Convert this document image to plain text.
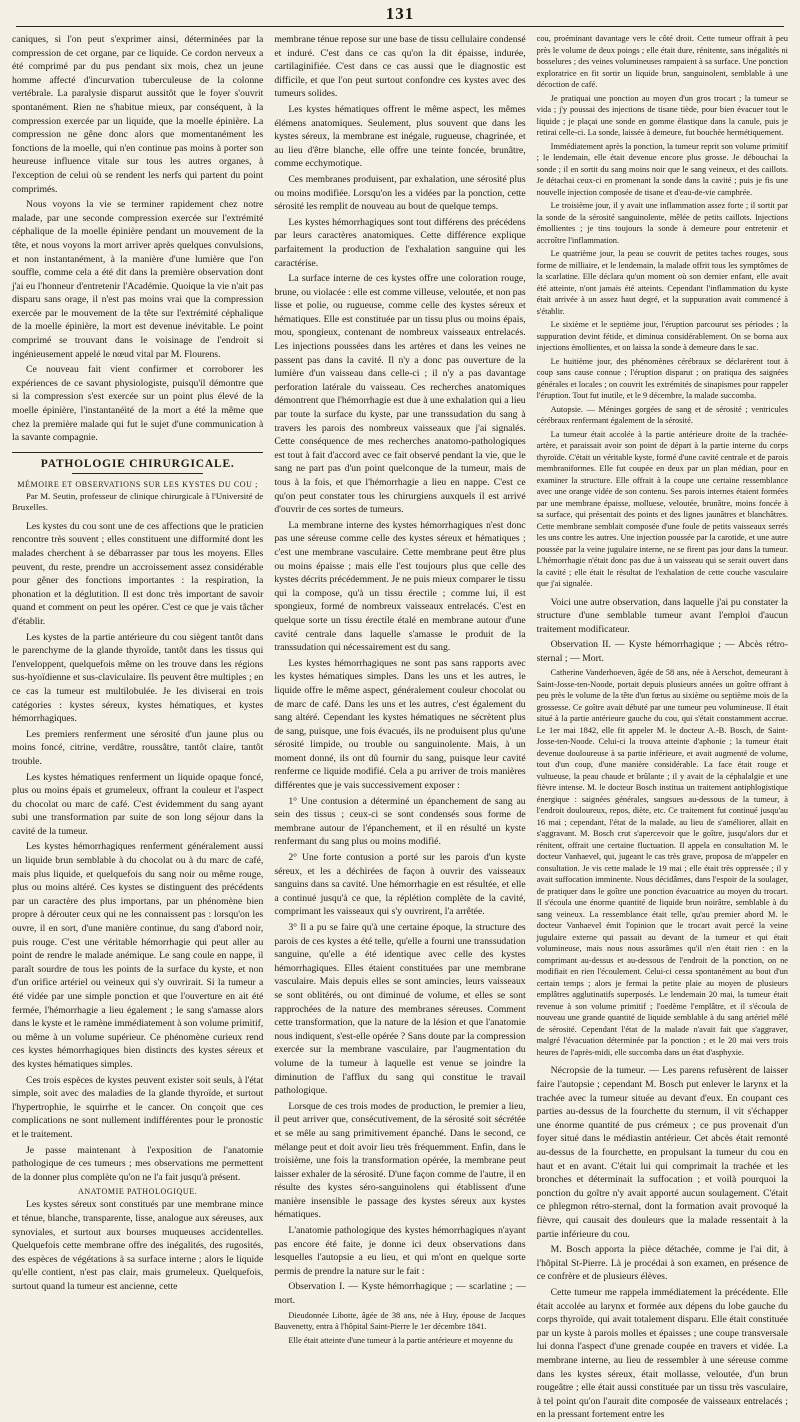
131

caniques, si l'on peut s'exprimer ainsi, déterminées par la compression de cet organe, par ce liquide. Ce cordon nerveux a été comprimé par du pus pendant six mois, chez un jeune homme affecté d'incurvation tuberculeuse de la colonne vertébrale. La paralysie disparut aussitôt que le foyer s'ouvrit spontanément. Rien ne s'habitue mieux, par conséquent, à la compression exercée par un liquide, que la moelle épinière. La compression ne gêne donc alors que momentanément les fonctions de la moelle, qui n'en continue pas moins à porter son heureuse influence vitale sur tous les autres organes, à l'exception de celui où se rendent les nerfs qui partent du point comprimés.

Nous voyons la vie se terminer rapidement chez notre malade, par une seconde compression exercée sur l'extrémité céphalique de la moelle épinière pendant un mouvement de la tête, et nous voyons la mort arriver après quelques convulsions, et non instantanément, à la manière d'une lumière que l'on souffle, comme cela a été dit dans la première observation dont j'ai eu l'honneur d'entretenir l'Académie. Quoique la vie n'ait pas disparu sans orage, il n'est pas moins vrai que la compression exercée par le mouvement de la tête sur l'extrémité céphalique de la moelle épinière, la mort est devenue inévitable. Le point comprimé se trouvant dans le voisinage de l'endroit si ingénieusement appelé le nœud vital par M. Flourens.

Ce nouveau fait vient confirmer et corroborer les expériences de ce savant physiologiste, puisqu'il démontre que si la compression s'est exercée sur un point plus élevé de la moelle épinière, l'instantanéité de la mort a été la même que chez la première malade qui fut le sujet d'une communication à la savante compagnie.

PATHOLOGIE CHIRURGICALE.
MÉMOIRE ET OBSERVATIONS SUR LES KYSTES DU COU ;
Par M. Seutin, professeur de clinique chirurgicale à l'Université de Bruxelles.

Les kystes du cou sont une de ces affections que le praticien rencontre très souvent ; elles constituent une difformité dont les malades cherchent à se débarrasser par tous les moyens. Elles peuvent, du reste, prendre un accroissement assez considérable pour gêner des fonctions importantes : la respiration, la phonation et la déglutition. Il est donc très important de savoir quand et comment on peut les opérer. C'est ce que je vais tâcher d'établir.

Les kystes de la partie antérieure du cou siègent tantôt dans le parenchyme de la glande thyroïde, tantôt dans les tissus qui l'enveloppent, quelquefois même on les trouve dans les régions sus-hyoïdienne et sus-claviculaire. Ils peuvent être multiples ; en ce cas la tumeur est multilobulée. Je les diviserai en trois catégories : kystes séreux, kystes hématiques, et kystes hémorrhagiques.

Les premiers renferment une sérosité d'un jaune plus ou moins foncé, citrine, verdâtre, roussâtre, tantôt claire, tantôt trouble.

Les kystes hématiques renferment un liquide opaque foncé, plus ou moins épais et grumeleux, offrant la couleur et l'aspect du chocolat ou marc de café. C'est évidemment du sang ayant subi une transformation par suite de son long séjour dans la cavité de la tumeur.

Les kystes hémorrhagiques renferment généralement aussi un liquide brun semblable à du chocolat ou à du marc de café, mais plus liquide, et quelquefois du sang noir ou même rouge, plus ou moins altéré. Ces kystes se distinguent des précédents par un caractère des plus importans, par un phénomène bien propre à dérouter ceux qui ne les connaissent pas : lorsqu'on les ouvre, il en sort, d'une manière continue, du sang d'abord noir, puis rouge. C'est une véritable hémorrhagie qui peut aller au point de rendre le malade anémique. Le sang coule en nappe, il paraît sourdre de tous les points de la surface du kyste, et non d'un orifice artériel ou veineux qui s'y ouvrirait. Si la tumeur a été vidée par une simple ponction et que l'ouverture en ait été fermée, l'hémorrhagie a lieu également ; le sang s'amasse alors dans le kyste et le ramène immédiatement à son volume primitif, ou même à un volume supérieur. Ce phénomène curieux rend ces kystes hémorrhagiques bien distincts des kystes séreux et des kystes hématiques simples.

Ces trois espèces de kystes peuvent exister soit seuls, à l'état simple, soit avec des maladies de la glande thyroïde, et surtout l'hypertrophie, le squirrhe et le cancer. On conçoit que ces complications ne sont nullement indifférentes pour le pronostic et le traitement.

Je passe maintenant à l'exposition de l'anatomie pathologique de ces tumeurs ; mes observations me permettent de la donner plus complète qu'on ne l'a fait jusqu'à présent.

ANATOMIE PATHOLOGIQUE.

Les kystes séreux sont constitués par une membrane mince et ténue, blanche, transparente, lisse, analogue aux séreuses, aux synoviales, et surtout aux bourses muqueuses accidentelles. Quelquefois cette membrane offre des inégalités, des rugosités, des espèces de végétations à sa surface interne ; alors le liquide qu'elle contient, n'est pas clair, mais grumeleux. Quelquefois, surtout quand la tumeur est ancienne, cette

membrane ténue repose sur une base de tissu cellulaire condensé et induré. C'est dans ce cas qu'on la dit épaisse, indurée, cartilaginifiée. C'est dans ce cas aussi que le diagnostic est difficile, et que l'on peut surtout confondre ces kystes avec des tumeurs solides.

Les kystes hématiques offrent le même aspect, les mêmes élémens anatomiques. Seulement, plus souvent que dans les kystes séreux, la membrane est inégale, rugueuse, chagrinée, et au lieu d'être blanche, elle offre une teinte foncée, brunâtre, comme ecchymotique.

Ces membranes produisent, par exhalation, une sérosité plus ou moins modifiée. Lorsqu'on les a vidées par la ponction, cette sérosité les remplit de nouveau au bout de quelque temps.

Les kystes hémorrhagiques sont tout différens des précédens par leurs caractères anatomiques. Cette différence explique parfaitement la production de l'exhalation sanguine qui les caractérise.

La surface interne de ces kystes offre une coloration rouge, brune, ou violacée : elle est comme villeuse, veloutée, et non pas lisse et polie, ou rugueuse, comme celle des kystes séreux et hématiques. Elle est constituée par un tissu plus ou moins épais, mou, spongieux, contenant de nombreux vaisseaux entrelacés. Les injections poussées dans les artères et dans les veines ne passent pas dans la cavité. Il n'y a donc pas ouverture de la lumière d'un vaisseau dans celle-ci ; il n'y a pas davantage perforation latérale du vaisseau. Ces recherches anatomiques démontrent que l'hémorrhagie est due à une exhalation qui a lieu par toute la surface du kyste, par une transsudation du sang à travers les parois des nombreux vaisseaux que j'ai signalés. Cette conséquence de mes recherches anatomo-pathologiques est tout à fait d'accord avec ce fait observé pendant la vie, que le sang ne part pas d'un point quelconque de la tumeur, mais de tous à la fois, et que l'hémorrhagie a lieu en nappe. C'est ce qu'on peut constater tous les chirurgiens auxquels il est arrivé d'ouvrir de ces sortes de tumeurs.

La membrane interne des kystes hémorrhagiques n'est donc pas une séreuse comme celle des kystes séreux et hématiques ; c'est une membrane vasculaire. Cette membrane peut être plus ou moins épaisse ; mais elle l'est toujours plus que celle des kystes décrits précédemment. Je ne puis mieux comparer le tissu qui la compose, qu'à un tissu érectile ; comme lui, il est spongieux, formé de nombreux vaisseaux entrelacés. C'est en quelque sorte un tissu érectile étalé en membrane autour d'une cavité centrale dans laquelle s'amasse le produit de la transsudation qui nécessairement est du sang.

Les kystes hémorrhagiques ne sont pas sans rapports avec les kystes hématiques simples. Dans les uns et les autres, le liquide offre le même aspect, généralement couleur chocolat ou de marc de café. Dans les uns et les autres, c'est également du sang altéré. Cependant les kystes hématiques ne sécrètent plus de sang, puisque, une fois évacués, ils ne produisent plus qu'une sérosité limpide, ou trouble ou sanguinolente. Mais, à un moment donné, ils ont dû fournir du sang, puisque leur cavité renferme ce liquide modifié. Cela a pu arriver de trois manières différentes que je vais successivement exposer :

1° Une contusion a déterminé un épanchement de sang au sein des tissus ; ceux-ci se sont condensés sous forme de membrane autour de l'épanchement, et il en résulté un kyste renfermant du sang plus ou moins modifié.

2° Une forte contusion a porté sur les parois d'un kyste séreux, et les a déchirées de façon à ouvrir des vaisseaux sanguins dans sa cavité. Une hémorrhagie en est résultée, et elle a continué jusqu'à ce que, la réplétion complète de la cavité, comprimant les vaisseaux qui s'y ouvrirent, l'a arrêtée.

3° Il a pu se faire qu'à une certaine époque, la structure des parois de ces kystes a été telle, qu'elle a fourni une transsudation sanguine, qu'elle a été identique avec celle des kystes hémorrhagiques. Elles étaient constituées par une membrane vasculaire. Mais depuis elles se sont amincies, leurs vaisseaux se sont oblitérés, ou ont diminué de volume, et elles se sont rapprochées de la nature des membranes séreuses. Comment cette transformation, que la nature de la lésion et que l'anatomie nous indiquent, s'est-elle opérée ? Sans doute par la compression exercée sur la membrane vasculaire, par l'augmentation du volume de la tumeur à laquelle est venue se joindre la diminution de l'afflux du sang qui constitue le travail pathologique.

Lorsque de ces trois modes de production, le premier a lieu, il peut arriver que, consécutivement, de la sérosité soit sécrétée et se mêle au sang primitivement épanché. Dans le second, ce mélange peut et doit avoir lieu très fréquemment. Enfin, dans le troisième, une fois la transformation opérée, la membrane peut laisser exhaler de la sérosité. D'une façon comme de l'autre, il en résulte des kystes séro-sanguinolens qui établissent d'une manière insensible le passage des kystes séreux aux kystes hématiques.

L'anatomie pathologique des kystes hémorrhagiques n'ayant pas encore été faite, je donne ici deux observations dans lesquelles l'autopsie a eu lieu, et qui m'ont en quelque sorte permis de prendre la nature sur le fait :

Observation I. — Kyste hémorrhagique ; — scarlatine ; — mort.

Dieudonnée Libotte, âgée de 38 ans, née à Huy, épouse de Jacques Bauvenetty, entra à l'hôpital Saint-Pierre le 1er décembre 1841.

Elle était atteinte d'une tumeur à la partie antérieure et moyenne du

cou, proéminant davantage vers le côté droit. Cette tumeur offrait à peu près le volume de deux poings ; elle était dure, rénitente, sans inégalités ni bosselures ; des veines volumineuses rampaient à sa surface. Une ponction exploratrice en fit sortir un liquide brun, sanguinolent, semblable à une décoction de café.

Je pratiquai une ponction au moyen d'un gros trocart ; la tumeur se vida ; j'y poussai des injections de tisane tiède, pour bien évacuer tout le liquide ; je plaçai une sonde en gomme élastique dans la canule, puis je retirai celle-ci. La sonde, laissée à demeure, fut bouchée hermétiquement.

Immédiatement après la ponction, la tumeur reprit son volume primitif ; le lendemain, elle était devenue encore plus grosse. Je débouchai la sonde ; il en sortit du sang moins noir que le sang veineux, et des caillots. Je détachai ceux-ci en promenant la sonde dans la cavité ; puis je fis une nouvelle injection composée de tisane et d'eau-de-vie camphrée.

Le troisième jour, il y avait une inflammation assez forte ; il sortit par la sonde de la sérosité sanguinolente, mêlée de petits caillots. Injections émollientes ; je tins toujours la sonde à demeure pour entretenir et accroître l'inflammation.

Le quatrième jour, la peau se couvrit de petites taches rouges, sous forme de milliaire, et le lendemain, la malade offrit tous les symptômes de la scarlatine. Elle déclara qu'un moment où son dernier enfant, elle avait été atteinte, n'ont jamais été atteints. Cependant l'inflammation du kyste était arrivée à un assez haut degré, et la suppuration avait commencé à s'établir.

Le sixième et le septième jour, l'éruption parcourut ses périodes ; la suppuration devint fétide, et diminua considérablement. On se borna aux injections émollientes, et on laissa la sonde à demeure dans le sac.

Le huitième jour, des phénomènes cérébraux se déclarèrent tout à coup sans cause connue ; l'éruption disparut ; on pratiqua des saignées générales et locales ; on couvrit les extrémités de sinapismes pour rappeler l'éruption. Tout fut inutile, et le 9 décembre, la malade succomba.

Autopsie. — Méninges gorgées de sang et de sérosité ; ventricules cérébraux renfermant également de la sérosité.

La tumeur était accolée à la partie antérieure droite de la trachée-artère, et paraissait avoir son point de départ à la partie interne du corps thyroïde. C'était un véritable kyste, formé d'une cavité centrale et de parois membraniformes. Elle fut coupée en deux par un plan médian, pour en examiner la structure. Elle offrait à la coupe une certaine ressemblance avec une orange vidée de son contenu. Ses parois internes étaient formées par une membrane épaisse, molluese, veloutée, brunâtre, moins foncée à sa surface, qui présentait des points et des lignes jaunâtres et blanchâtres. Cette membrane semblait composée d'une foule de petits vaisseaux serrés les uns contre les autres. Une injection poussée par la carotide, et une autre poussée par la veine jugulaire interne, ne se firent pas jour dans la tumeur. L'hémorrhagie n'était donc pas due à un vaisseau qui se serait ouvert dans la cavité ; elle était le résultat de l'exhalation de cette couche vasculaire que j'ai signalée.

Voici une autre observation, dans laquelle j'ai pu constater la structure d'une semblable tumeur avant l'emploi d'aucun traitement modificateur.

Observation II. — Kyste hémorrhagique ; — Abcès rétro-sternal ; — Mort.

Catherine Vanderhoeven, âgée de 58 ans, née à Aerschot, demeurant à Saint-Josse-ten-Noode, portait depuis plusieurs années un goître offrant à peu près le volume de la tête d'un fœtus au sixième ou septième mois de la grossesse. Ce goître avait débuté par une tumeur peu volumineuse. Il était situé à la partie antérieure gauche du cou, qui s'était constamment accrue. Le 1er mai 1842, elle fit appeler M. le docteur A.-B. Bosch, de Saint-Josse-ten-Noode. Celui-ci la trouva atteinte d'aphonie ; la tumeur était devenue douloureuse à sa partie inférieure, et avait augmenté de volume, tout d'un coup, d'une manière considérable. La face était rouge et vultueuse, la peau chaude et brûlante ; il y avait de la céphalalgie et une fièvre intense. M. le docteur Bosch institua un traitement antiphlogistique énergique : saignées générales, sangsues au-dessous de la tumeur, à l'endroit douloureux, repos, diète, etc. Ce traitement fut continué jusqu'au 16 mai ; cependant, l'état de la malade, au lieu de s'améliorer, allait en s'aggravant. M. Bosch crut s'apercevoir que le goître, jusqu'alors dur et rénitent, offrait une certaine fluctuation. Il appela en consultation M. le docteur Vanhaevel, qui, jugeant le cas très grave, proposa de m'appeler en consultation. Je vis cette malade le 19 mai ; elle était très oppressée ; il y avait suffocation imminente. Nous décidâmes, dans l'espoir de la soulager, de pratiquer dans le goître une ponction évacuatrice au moyen du trocart. Il s'écoula une énorme quantité de liquide brun noirâtre, semblable à du sang veineux. La ressemblance était telle, qu'au premier abord M. le docteur Vanhaevel émit l'opinion que le trocart avait percé la veine jugulaire externe qui passait au devant de la tumeur et qui était volumineuse, mais nous nous assurâmes qu'il n'en était rien : en la comprimant au-dessus et au-dessous de l'endroit de la ponction, on ne modifiait en rien l'écoulement. Celui-ci cessa spontanément au bout d'un certain temps ; alors je fermai la petite plaie au moyen de plusieurs emplâtres agglutinatifs superposés. Le lendemain 20 mai, la tumeur était revenue à son volume primitif ; l'oedème l'emplâtre, et il s'écoula de nouveau une grande quantité de liquide semblable à du sang artériel mêlé de sérosité. Cependant l'état de la malade n'avait fait que s'aggraver, malgré l'évacuation déterminée par la ponction ; et le 20 mai vers trois heures de l'après-midi, elle succomba dans un état d'asphyxie.

Nécropsie de la tumeur. — Les parens refusèrent de laisser faire l'autopsie ; cependant M. Bosch put enlever le larynx et la trachée avec la tumeur située au devant d'eux. En coupant ces parties au-dessus de la fourchette du sternum, il vit s'échapper une énorme quantité de pus crémeux ; ce pus provenait d'un foyer situé dans le médiastin antérieur. Cet abcès était remonté au-dessus de la fourchette, en propulsant la tumeur du cou en haut et en avant. C'était lui qui comprimait la trachée et les bronches et déterminait la suffocation ; et voilà pourquoi la ponction du goître n'y avait apporté aucun soulagement. C'était ce phlegmon rétro-sternal, dont la formation avait provoqué la fièvre, qui causait des douleurs que la malade ressentait à la partie inférieure du cou.

M. Bosch apporta la pièce détachée, comme je l'ai dit, à l'hôpital St-Pierre. Là je procédai à son examen, en présence de ce confrère et de plusieurs élèves.

Cette tumeur me rappela immédiatement la précédente. Elle était accolée au larynx et formée aux dépens du lobe gauche du corps thyroïde, qui avait totalement disparu. Elle était constituée par un kyste à parois molles et épaisses ; une coupe transversale lui donna l'aspect d'une grenade coupée en travers et vidée. La membrane interne, au lieu de ressembler à une séreuse comme dans les kystes séreux, était mollasse, veloutée, d'un brun rougeâtre ; elle était aussi constituée par un tissu très vasculaire, à tel point qu'on l'aurait dite composée de vaisseaux entrelacés ; en la pressant fortement entre les
